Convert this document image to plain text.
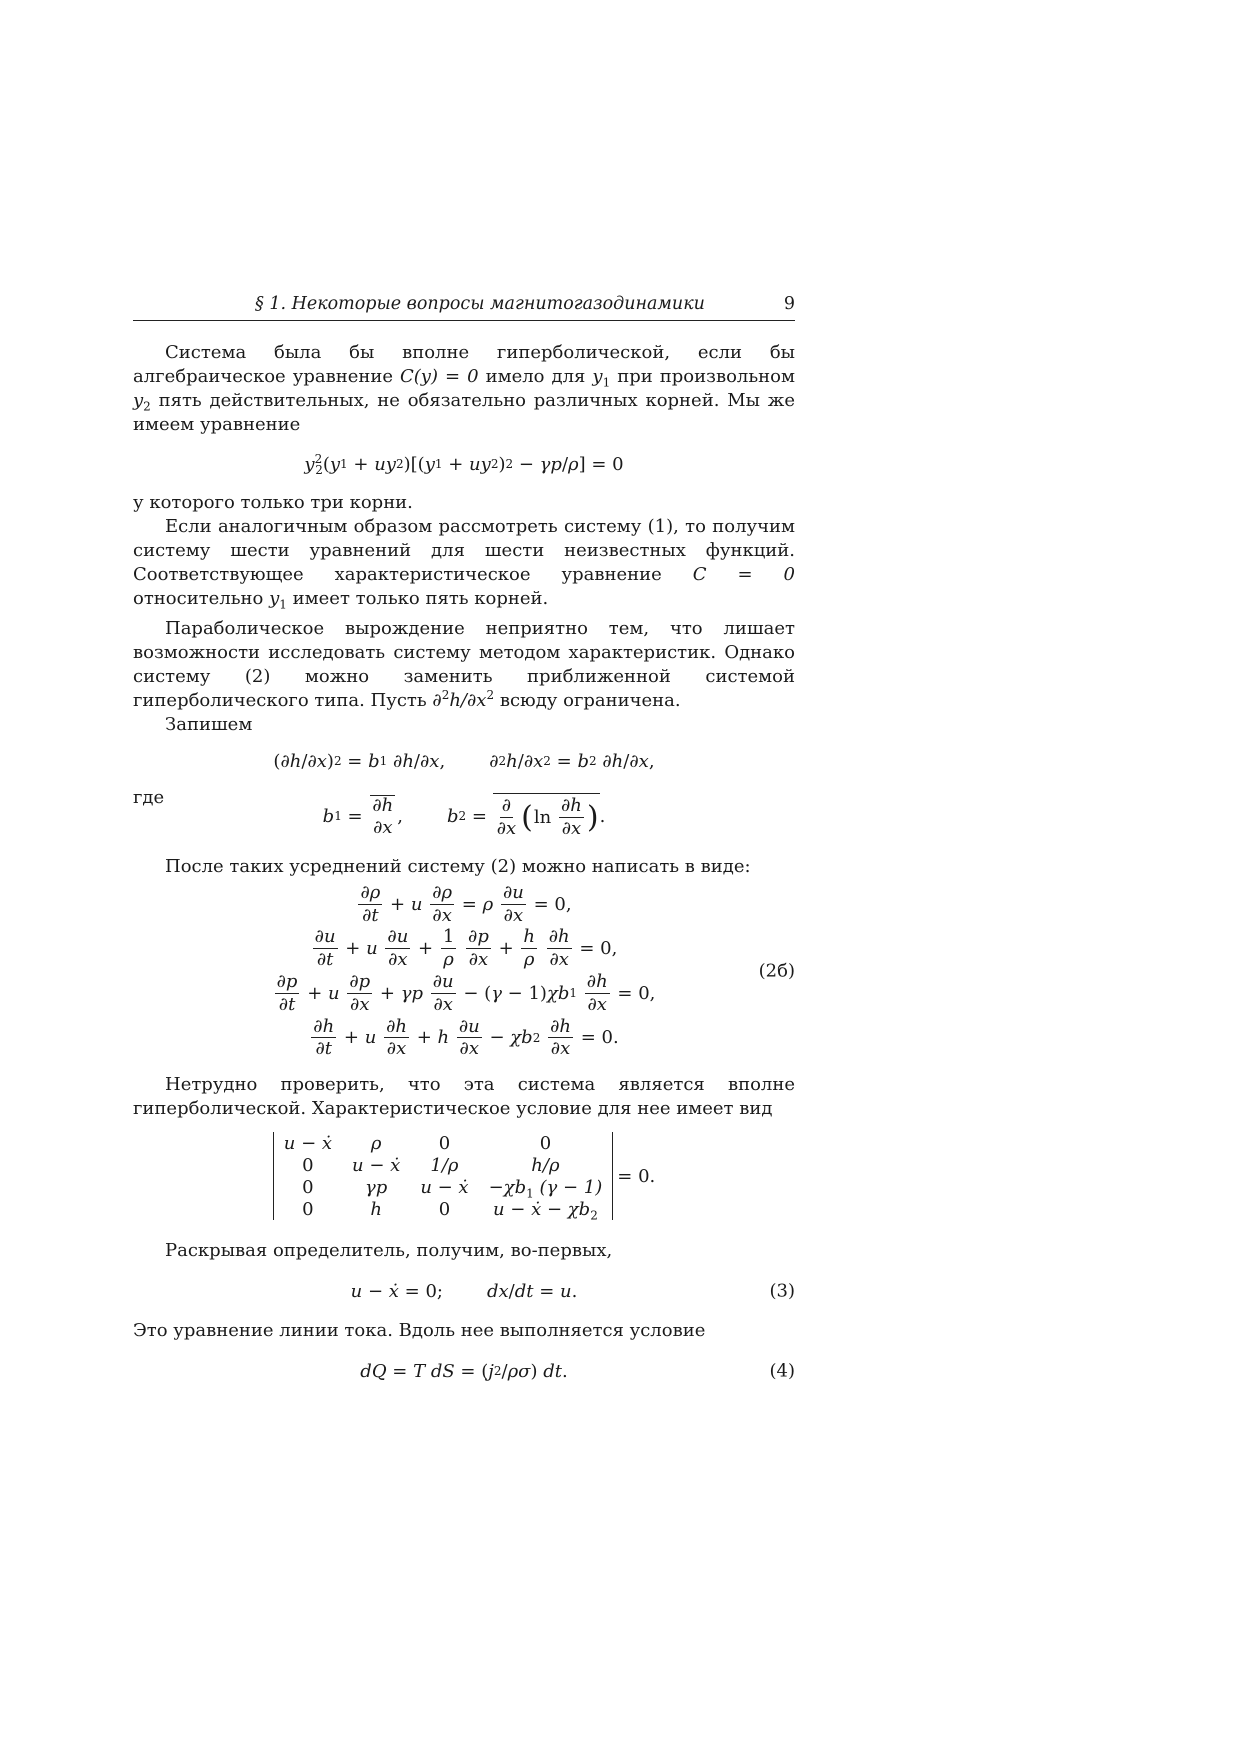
§ 1. Некоторые вопросы магнитогазодинамики	9

Система была бы вполне гиперболической, если бы алгебраическое уравнение C(y) = 0 имело для $y_1$ при произвольном $y_2$ пять действительных, не обязательно различных корней. Мы же имеем уравнение

$y^2_2$ ( y 1 + uy 2 )[( y 1 + uy 2 ) 2 − γp / ρ ] = 0

у которого только три корни.

Если аналогичным образом рассмотреть систему (1), то получим систему шести уравнений для шести неизвестных функций. Соответствующее характеристическое уравнение C = 0 относительно $y_1$ имеет только пять корней.

Параболическое вырождение неприятно тем, что лишает возможности исследовать систему методом характеристик. Однако систему (2) можно заменить приближенной системой гиперболического типа. Пусть $\partial^2h/\partial x^2$ всюду ограничена.

Запишем

( ∂h / ∂x ) 2 = b 1
∂h / ∂x , ∂ 2 h / ∂x 2 = b 2
∂h / ∂x ,
где
b 1 =
∂h
∂x
, b $2 = \frac{\partial}{\partial x}$ ( $\ln \frac{\partial h}{\partial x}$ ) .

После таких усреднений систему (2) можно написать в виде:

$\frac{\partial\rho}{\partial t} + u$
$\frac{\partial\rho}{\partial x} = \rho$
$\frac{\partial u}{\partial x} = 0$,
$\frac{\partial u}{\partial t} + u$
$\frac{\partial u}{\partial x} + \frac{1}{\rho}$
$\frac{\partial p}{\partial x} + \frac{h}{\rho}$
$\frac{\partial h}{\partial x} = 0$,
$\frac{\partial p}{\partial t} + u$
$\frac{\partial p}{\partial x} + \gamma p$
$\frac{\partial u}{\partial x}$ − ( γ − 1) χb 1
$\frac{\partial h}{\partial x} = 0$,
$\frac{\partial h}{\partial t} + u$
$\frac{\partial h}{\partial x} + h$
$\frac{\partial u}{\partial x} - \chi b$ 2
$\frac{\partial h}{\partial x} = 0$.
(2б)

Нетрудно проверить, что эта система является вполне гиперболической. Характеристическое условие для нее имеет вид

u − ẋ	ρ	0	0
0	u − ẋ	1/ρ	h/ρ
0	γp	u − ẋ	$-\chi b_1$ (γ − 1)
0	h	0	u − ẋ − $\chi b_2$
= 0.

Раскрывая определитель, получим, во-первых,

u − ẋ = 0; dx / dt = u .	(3)

Это уравнение линии тока. Вдоль нее выполняется условие

dQ = T dS = ( j 2 / ρσ ) dt .	(4)
